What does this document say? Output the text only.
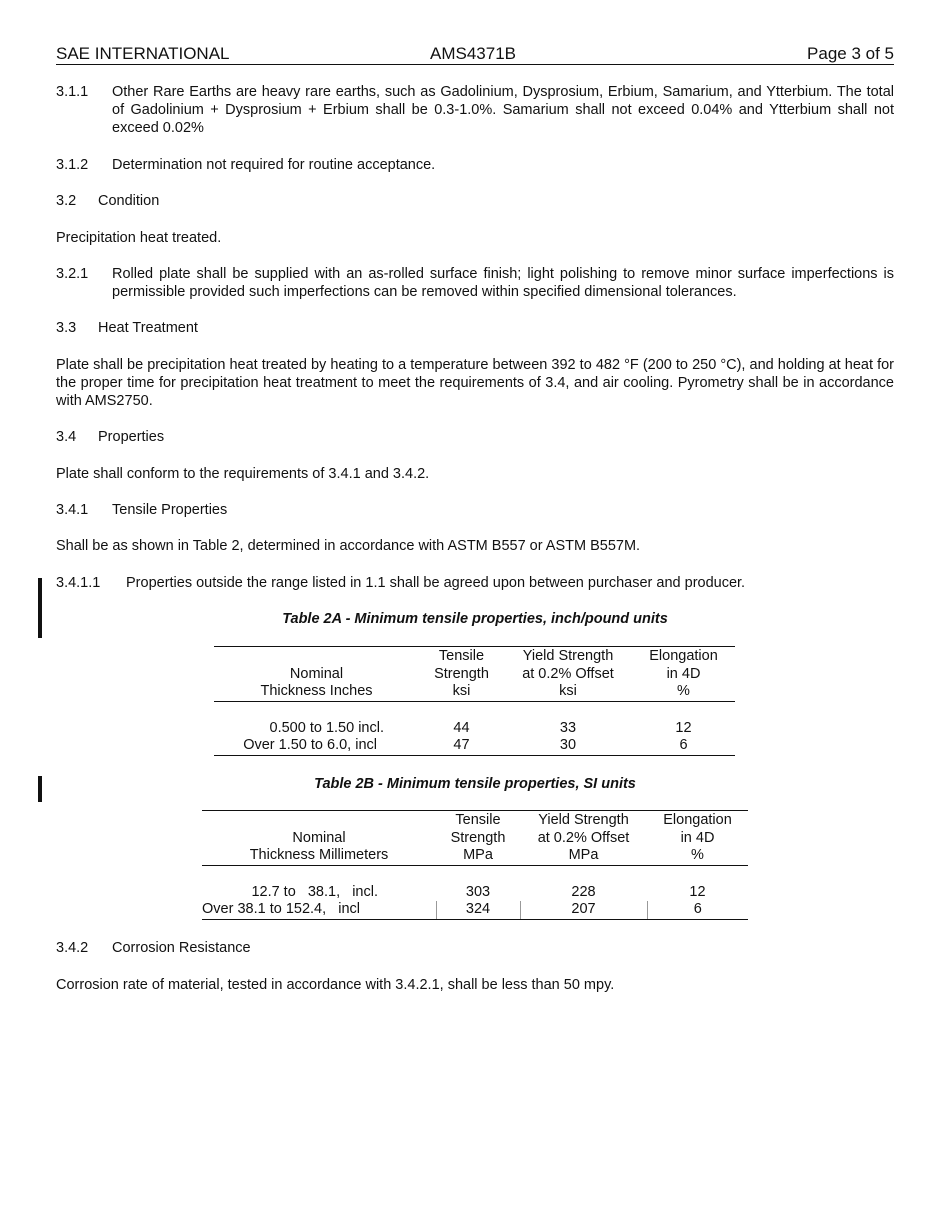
SAE INTERNATIONAL	AMS4371B	Page 3 of 5
3.1.1	Other Rare Earths are heavy rare earths, such as Gadolinium, Dysprosium, Erbium, Samarium, and Ytterbium. The total of Gadolinium + Dysprosium + Erbium shall be 0.3-1.0%. Samarium shall not exceed 0.04% and Ytterbium shall not exceed 0.02%
3.1.2	Determination not required for routine acceptance.
3.2 Condition
Precipitation heat treated.
3.2.1	Rolled plate shall be supplied with an as-rolled surface finish; light polishing to remove minor surface imperfections is permissible provided such imperfections can be removed within specified dimensional tolerances.
3.3 Heat Treatment
Plate shall be precipitation heat treated by heating to a temperature between 392 to 482 °F (200 to 250 °C), and holding at heat for the proper time for precipitation heat treatment to meet the requirements of 3.4, and air cooling. Pyrometry shall be in accordance with AMS2750.
3.4 Properties
Plate shall conform to the requirements of 3.4.1 and 3.4.2.
3.4.1 Tensile Properties
Shall be as shown in Table 2, determined in accordance with ASTM B557 or ASTM B557M.
3.4.1.1	Properties outside the range listed in 1.1 shall be agreed upon between purchaser and producer.
Table 2A - Minimum tensile properties, inch/pound units
	Tensile	Yield Strength	Elongation
Nominal	Strength	at 0.2% Offset	in 4D
Thickness Inches	ksi	ksi	%

0.500 to 1.50 incl.	44	33	12
Over 1.50 to 6.0, incl	47	30	6
Table 2B - Minimum tensile properties, SI units
	Tensile	Yield Strength	Elongation
Nominal	Strength	at 0.2% Offset	in 4D
Thickness Millimeters	MPa	MPa	%

12.7 to   38.1,   incl.	303	228	12
Over 38.1 to 152.4,   incl	324	207	6
3.4.2 Corrosion Resistance
Corrosion rate of material, tested in accordance with 3.4.2.1, shall be less than 50 mpy.
